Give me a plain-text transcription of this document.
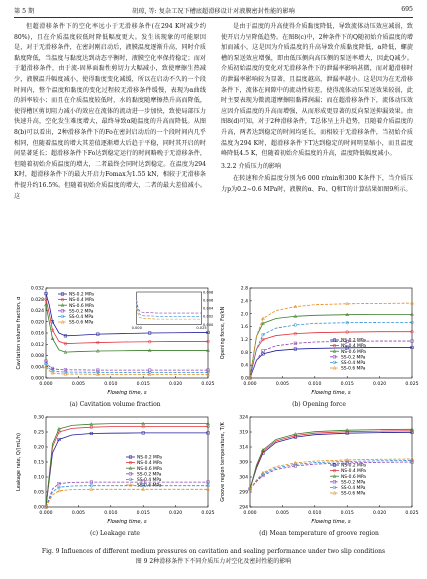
第 5 期	胡琼, 等: 复杂工况下槽底超滑移设计对液膜密封性能的影响	695

但超滑移条件下的空化率远小于无滑移条件(在294 K时减少约80%)，且在介质温度较低时降低幅度更大。发生该现象的可能原因是，对于无滑移条件，在密封刚启动后，液膜温度逐渐升高，同时介质黏度降低，当温度与黏度达到动态平衡时，液膜空化率保持稳定；而对于超滑移条件，由于流-固界面黏性剪切力大幅减小，致使摩擦生热减少，液膜温升幅度减小，使得黏度变化减缓，所以在启动不久的一个段时间内，整个温度和黏度的变化过程较无滑移条件缓慢，表现为α曲线的斜率较小；而且在介质温度较低时，水的黏度随摩擦热升高而降低，使得槽区剪切阻力减小的效应在流体的流动进一步加快，致使局部压力快速升高，空化发生难度增大，最终导致α随温度的升高而降低。从图8(b)可以看出，2种滑移条件下的Fo在密封启动后的一个段时间内几乎相同，但随着温度的增大其差值逐渐增大后趋于平稳，同时其开启的时间显著延长；超滑移条件下Fo达到稳定运行的时间略晚于无滑移条件，但随着初始介质温度的增大，二者最终会同时达到稳定。在温度为294 K时，超滑移条件下的最大开启力Fomax为1.55 kN，相较于无滑移条件提升约16.5%。但随着初始介质温度的增大，二者的最大差值减小。这

是由于温度的升高使得介质黏度降低，导致流体动压效应减弱，致使开启力呈降低趋势。在图8(c)中，2种条件下的Q随初始介质温度的增加而减小，这是因为介质温度的升高导致介质黏度降低，α降低，螺旋槽的泵送效应增强，即由低压侧向高压侧的泵送率增大，因此Q减少。介质初始温度的变化对无滑移条件下的泄漏率影响甚微，而对超滑移时的泄漏率影响较为显著，且温度越高，泄漏率越小。这是因为在无滑移条件下，流体在间隙中的流动性较差，使得流体动压泵送效果较弱，此时主要表现为微流道摩擦阻黏滞润漏；而在超滑移条件下，流体动压效应因介质温度的升高而增强，从而形成更显著的反向泵送抑漏效果。由图8(d)可知，对于2种滑移条件，T总体呈上升趋势，且随着介质温度的升高，两者达到稳定的时间均延长，而相较于无滑移条件，当初始介质温度为294 K时，超滑移条件下T达到稳定的时间明显缩小，而且温度峰降低4.5 K，但随着初始介质温度的升高，温度降低幅度减小。

3.2.2 介质压力的影响

在转速和介质温度分别为6 000 r/min和300 K条件下，当介质压力p为0.2~0.6 MPa时，液膜的α、Fo、Q和T的计算结果如图9所示。

0.000	0.005	0.010	0.015	0.020	0.025
0.000
0.004
0.008
0.012
0.016
0.020
0.024
0.028
0.032
Flowing time, s
Cavitation volume fraction, α
NS-0.2 MPa
NS-0.4 MPa
NS-0.6 MPa
SS-0.2 MPa
SS-0.4 MPa
SS-0.6 MPa	0.000
0.002
0.004
0.006
0.008
0.000	0.025
0.000	0.005	0.010	0.015	0.020	0.025
0.0
0.4
0.8
1.2
1.6
2.0
2.4
2.8
Flowing time, s
Opening force, Fo/kN	NS-0.2 MPa
NS-0.4 MPa
NS-0.6 MPa
SS-0.2 MPa
SS-0.4 MPa
SS-0.6 MPa
0.000	0.005	0.010	0.015	0.020	0.025
0.00
0.05
0.10
0.15
0.20
0.25
0.30
Flowing time, s
Leakage rate, Q/(mL/h)	NS-0.2 MPa
NS-0.4 MPa
NS-0.6 MPa
SS-0.2 MPa
SS-0.4 MPa
SS-0.6 MPa
0.000	0.005	0.010	0.015	0.020	0.025
294
299
304
309
314
319
324
Flowing time, s
Groove region temperature, T/K	NS-0.2 MPa
NS-0.4 MPa
NS-0.6 MPa
SS-0.2 MPa
SS-0.4 MPa
SS-0.6 MPa
(a) Cavitation volume fraction	(b) Opening force
(c) Leakage rate	(d) Mean temperature of groove region
Fig. 9 Influences of different medium pressures on cavitation and sealing performance under two slip conditions
图 9 2种滑移条件下不同介质压力对空化及密封性能的影响
